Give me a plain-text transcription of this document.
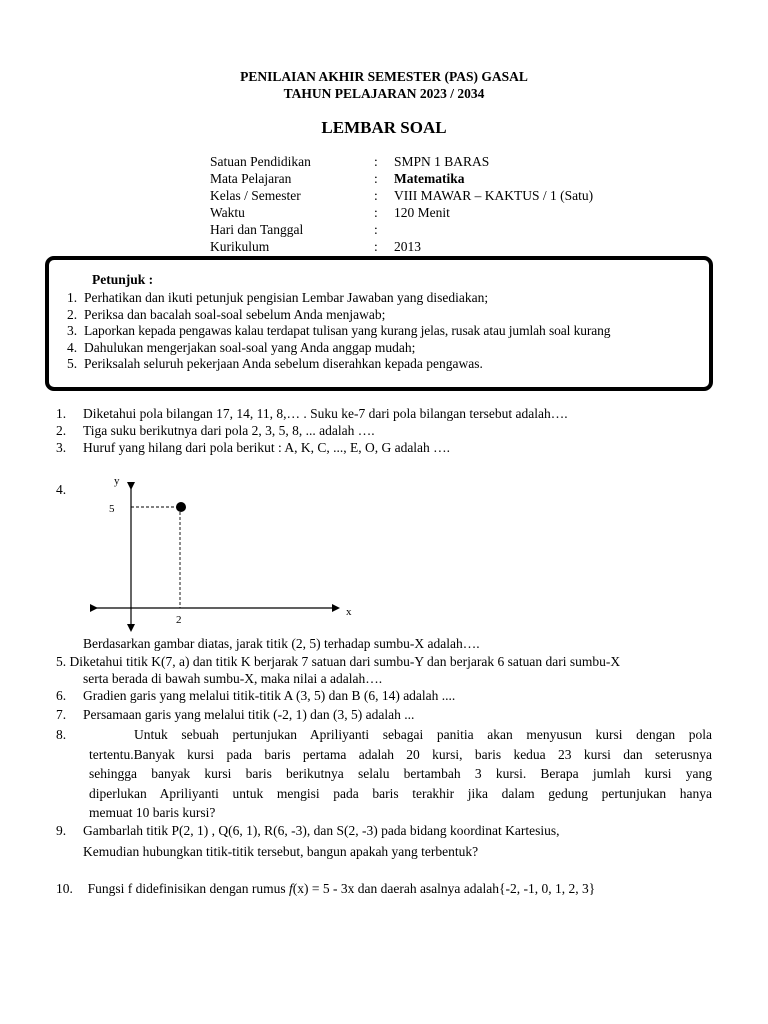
PENILAIAN AKHIR SEMESTER (PAS) GASAL
TAHUN PELAJARAN 2023 / 2034
LEMBAR SOAL
Satuan Pendidikan	: SMPN 1 BARAS
Mata Pelajaran	: Matematika
Kelas / Semester	: VIII MAWAR – KAKTUS / 1 (Satu)
Waktu	: 120 Menit
Hari dan Tanggal	:
Kurikulum	: 2013
Petunjuk :
1. Perhatikan dan ikuti petunjuk pengisian Lembar Jawaban yang disediakan;
2. Periksa dan bacalah soal-soal sebelum Anda menjawab;
3. Laporkan kepada pengawas kalau terdapat tulisan yang kurang jelas, rusak atau jumlah soal kurang
4. Dahulukan mengerjakan soal-soal yang Anda anggap mudah;
5. Periksalah seluruh pekerjaan Anda sebelum diserahkan kepada pengawas.
1. Diketahui pola bilangan 17, 14, 11, 8,… . Suku ke-7 dari pola bilangan tersebut adalah….
2. Tiga suku berikutnya dari pola 2, 3, 5, 8, ... adalah ….
3. Huruf yang hilang dari pola berikut : A, K, C, ..., E, O, G adalah ….
4.
y
x
5
2
Berdasarkan gambar diatas, jarak titik (2, 5) terhadap sumbu-X adalah….
5. Diketahui titik K(7, a) dan titik K berjarak 7 satuan dari sumbu-Y dan berjarak 6 satuan dari sumbu-X
serta berada di bawah sumbu-X, maka nilai a adalah….
6. Gradien garis yang melalui titik-titik A (3, 5) dan B (6, 14) adalah ....
7. Persamaan garis yang melalui titik (-2, 1) dan (3, 5) adalah ...
8.	Untuk sebuah pertunjukan Apriliyanti sebagai panitia akan menyusun kursi dengan pola
tertentu.Banyak kursi pada baris pertama adalah 20 kursi, baris kedua 23 kursi dan seterusnya
sehingga banyak kursi baris berikutnya selalu bertambah 3 kursi. Berapa jumlah kursi yang
diperlukan Apriliyanti untuk mengisi pada baris terakhir jika dalam gedung pertunjukan hanya
memuat 10 baris kursi?
9. Gambarlah titik P(2, 1) , Q(6, 1), R(6, -3), dan S(2, -3) pada bidang koordinat Kartesius,
Kemudian hubungkan titik-titik tersebut, bangun apakah yang terbentuk?
10. Fungsi f didefinisikan dengan rumus f(x) = 5 - 3x dan daerah asalnya adalah{-2, -1, 0, 1, 2, 3}
